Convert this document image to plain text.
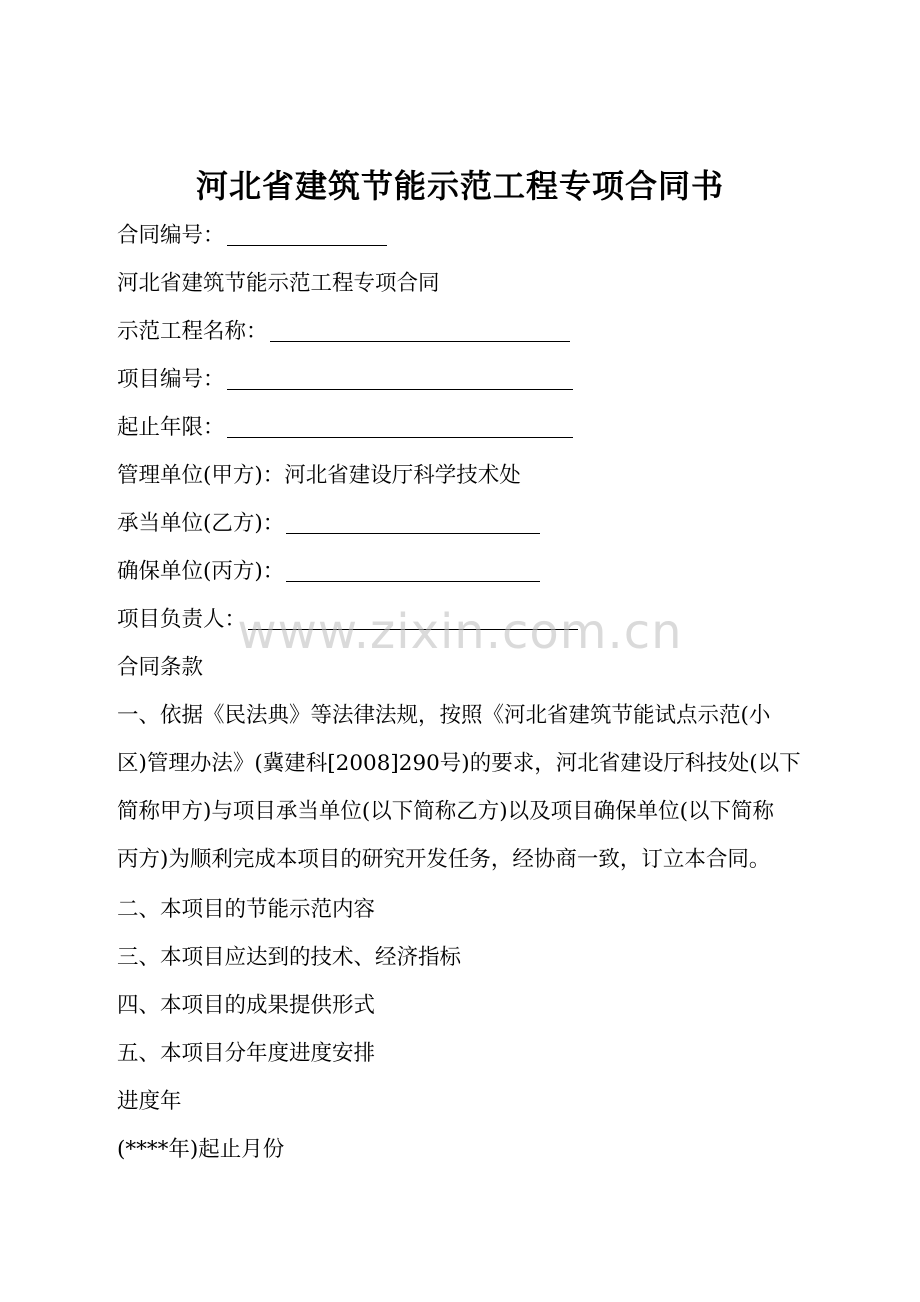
河北省建筑节能示范工程专项合同书
合同编号：
河北省建筑节能示范工程专项合同
示范工程名称：
项目编号：
起止年限：
管理单位(甲方)：河北省建设厅科学技术处
承当单位(乙方)：
确保单位(丙方)：
项目负责人：
合同条款
一、依据《民法典》等法律法规，按照《河北省建筑节能试点示范(小
区)管理办法》(冀建科[2008]290号)的要求，河北省建设厅科技处(以下
简称甲方)与项目承当单位(以下简称乙方)以及项目确保单位(以下简称
丙方)为顺利完成本项目的研究开发任务，经协商一致，订立本合同。
二、本项目的节能示范内容
三、本项目应达到的技术、经济指标
四、本项目的成果提供形式
五、本项目分年度进度安排
进度年
(****年)起止月份
www.zixin.com.cn
